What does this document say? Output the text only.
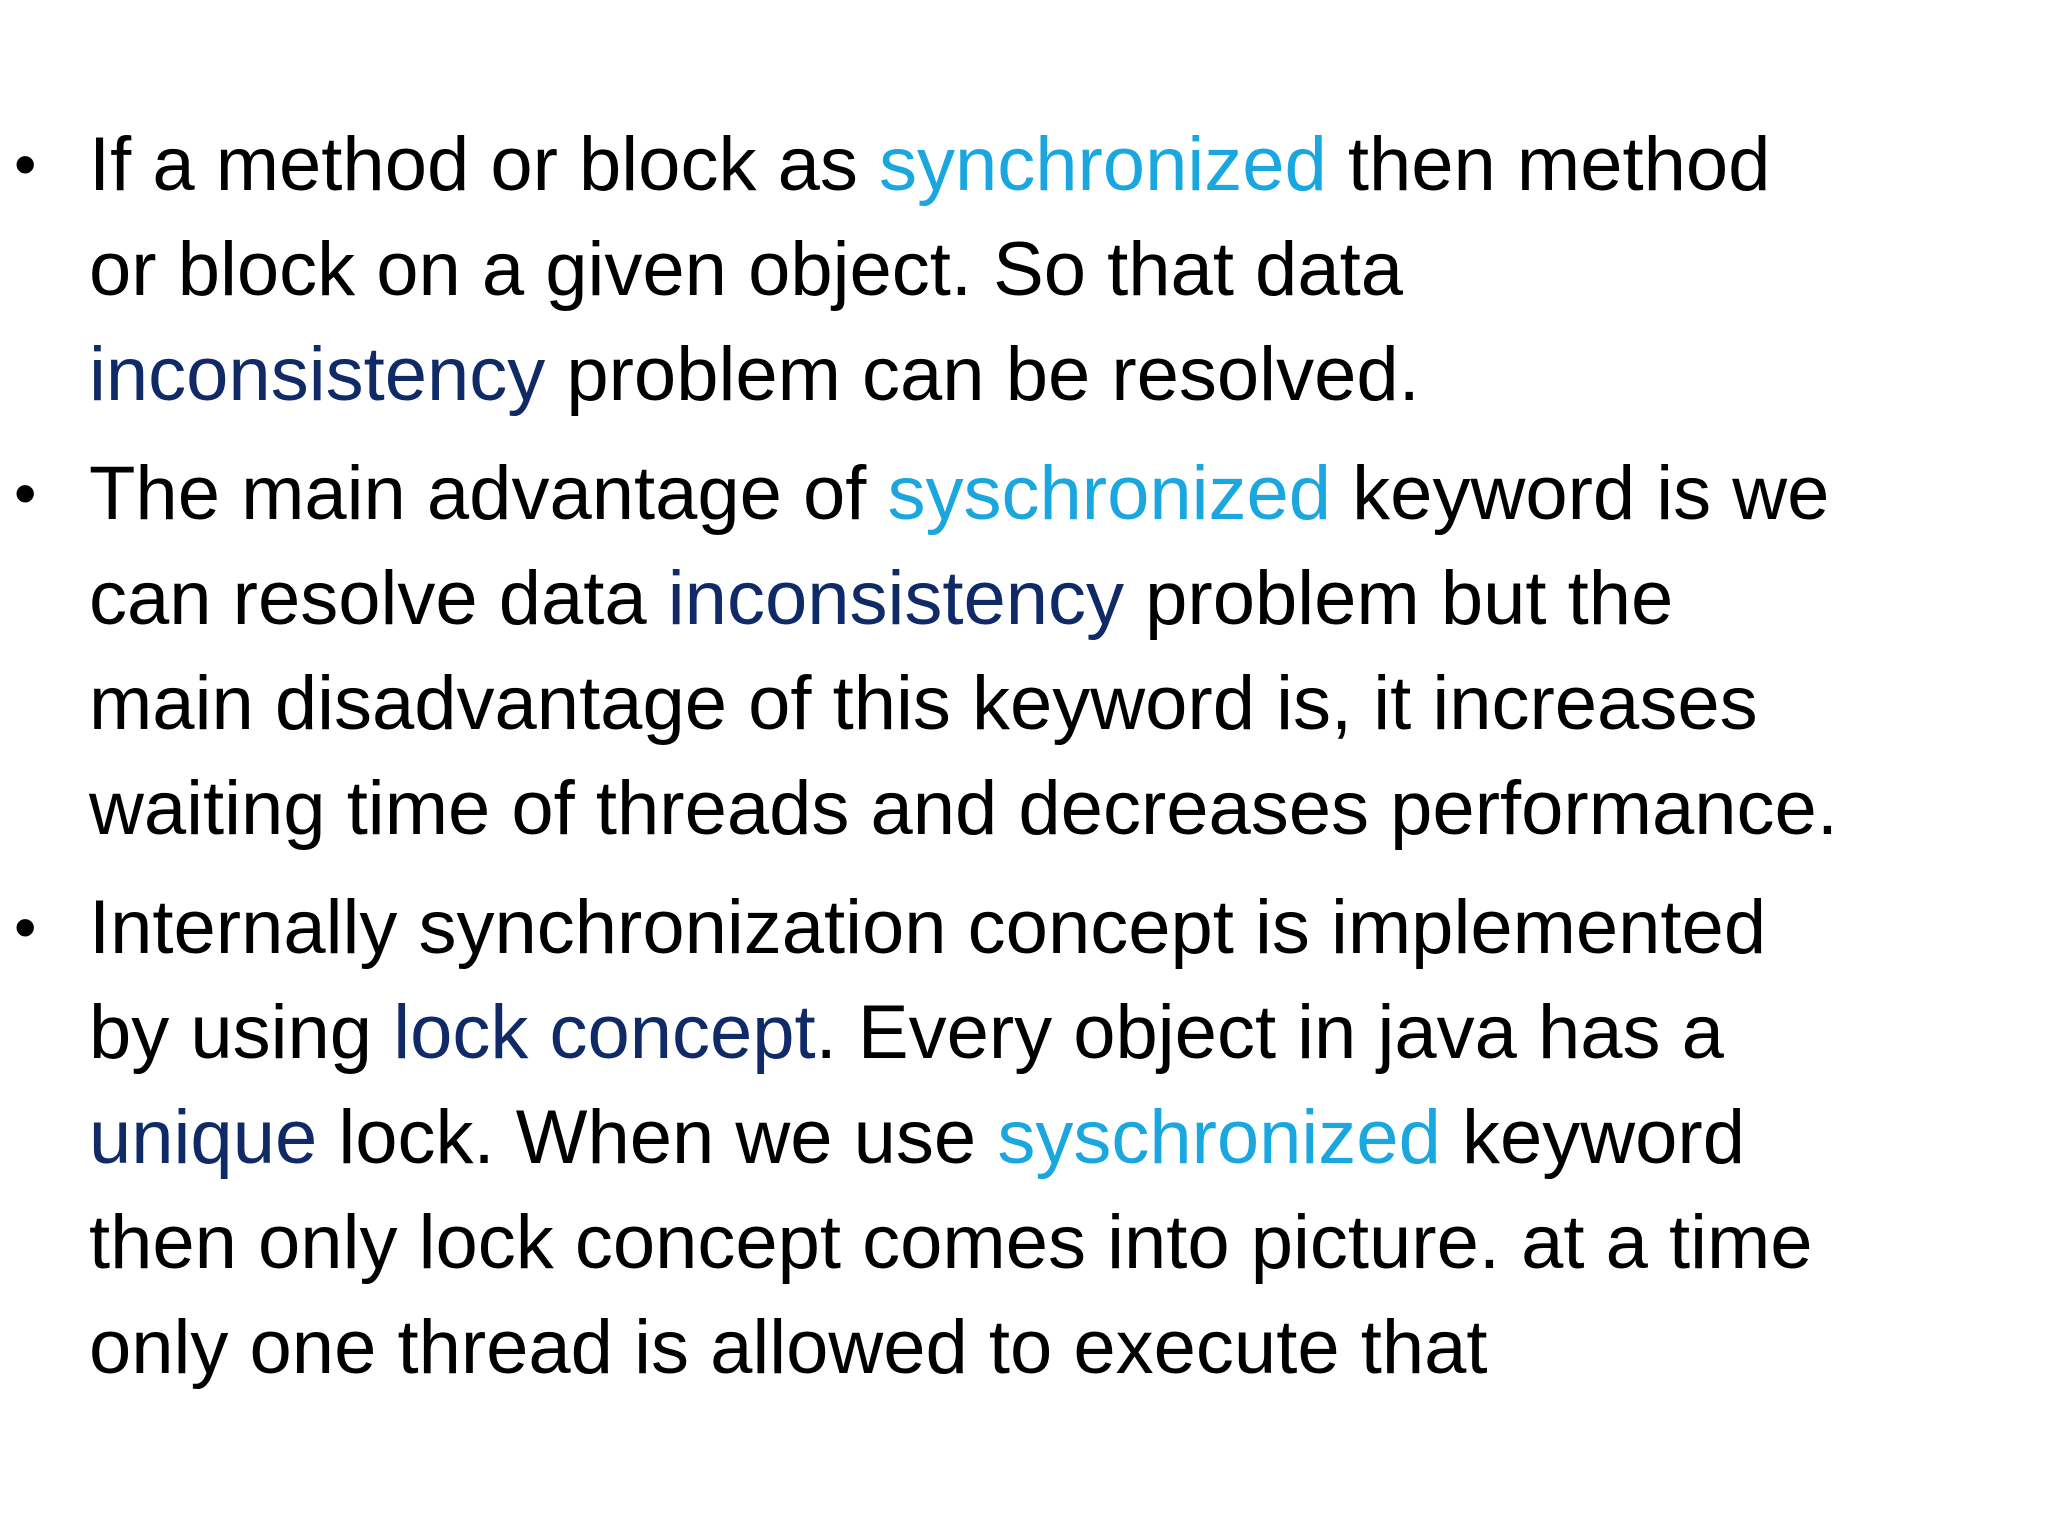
• If a method or block as synchronized then method
or block on a given object. So that data
inconsistency problem can be resolved.
• The main advantage of syschronized keyword is we
can resolve data inconsistency problem but the
main disadvantage of this keyword is, it increases
waiting time of threads and decreases performance.
• Internally synchronization concept is implemented
by using lock concept. Every object in java has a
unique lock. When we use syschronized keyword
then only lock concept comes into picture. at a time
only one thread is allowed to execute that
